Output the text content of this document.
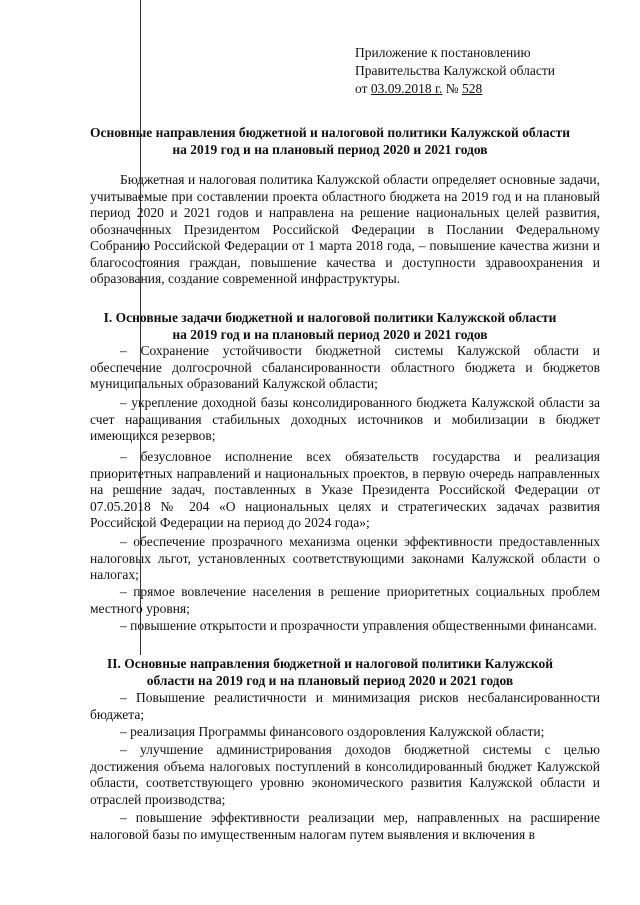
Приложение к постановлению
Правительства Калужской области
от 03.09.2018 г. № 528
Основные направления бюджетной и налоговой политики Калужской области
на 2019 год и на плановый период 2020 и 2021 годов
Бюджетная и налоговая политика Калужской области определяет основные задачи, учитываемые при составлении проекта областного бюджета на 2019 год и на плановый период 2020 и 2021 годов и направлена на решение национальных целей развития, обозначенных Президентом Российской Федерации в Послании Федеральному Собранию Российской Федерации от 1 марта 2018 года, – повышение качества жизни и благосостояния граждан, повышение качества и доступности здравоохранения и образования, создание современной инфраструктуры.
I. Основные задачи бюджетной и налоговой политики Калужской области
на 2019 год и на плановый период 2020 и 2021 годов
– Сохранение устойчивости бюджетной системы Калужской области и обеспечение долгосрочной сбалансированности областного бюджета и бюджетов муниципальных образований Калужской области;
– укрепление доходной базы консолидированного бюджета Калужской области за счет наращивания стабильных доходных источников и мобилизации в бюджет имеющихся резервов;
– безусловное исполнение всех обязательств государства и реализация приоритетных направлений и национальных проектов, в первую очередь направленных на решение задач, поставленных в Указе Президента Российской Федерации от 07.05.2018 № 204 «О национальных целях и стратегических задачах развития Российской Федерации на период до 2024 года»;
– обеспечение прозрачного механизма оценки эффективности предоставленных налоговых льгот, установленных соответствующими законами Калужской области о налогах;
– прямое вовлечение населения в решение приоритетных социальных проблем местного уровня;
– повышение открытости и прозрачности управления общественными финансами.
II. Основные направления бюджетной и налоговой политики Калужской
области на 2019 год и на плановый период 2020 и 2021 годов
– Повышение реалистичности и минимизация рисков несбалансированности бюджета;
– реализация Программы финансового оздоровления Калужской области;
– улучшение администрирования доходов бюджетной системы с целью достижения объема налоговых поступлений в консолидированный бюджет Калужской области, соответствующего уровню экономического развития Калужской области и отраслей производства;
– повышение эффективности реализации мер, направленных на расширение налоговой базы по имущественным налогам путем выявления и включения в
